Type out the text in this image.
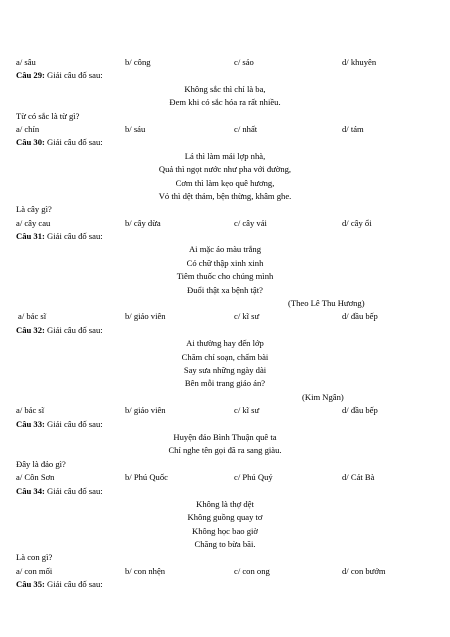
a/ sâu	b/ công	c/ sáo	d/ khuyên
Câu 29: Giải câu đố sau:
Không sắc thì chỉ là ba,
Đem khi có sắc hóa ra rất nhiều.
Từ có sắc là từ gì?
a/ chín	b/ sáu	c/ nhất	d/ tám
Câu 30: Giải câu đố sau:
Lá thì làm mái lợp nhà,
Quả thì ngọt nước như pha với đường,
Cơm thì làm kẹo quê hương,
Vỏ thì dệt thảm, bện thừng, khâm ghe.
Là cây gì?
a/ cây cau	b/ cây dừa	c/ cây vải	d/ cây ổi
Câu 31: Giải câu đố sau:
Ai mặc áo màu trắng
Có chữ thập xinh xinh
Tiêm thuốc cho chúng mình
Đuổi thật xa bệnh tật?
(Theo Lê Thu Hương)
a/ bác sĩ	b/ giáo viên	c/ kĩ sư	d/ đầu bếp
Câu 32: Giải câu đố sau:
Ai thường hay đến lớp
Chăm chỉ soạn, chấm bài
Say sưa những ngày dài
Bên mỗi trang giáo án?
(Kim Ngân)
a/ bác sĩ	b/ giáo viên	c/ kĩ sư	d/ đầu bếp
Câu 33: Giải câu đố sau:
Huyện đảo Bình Thuận quê ta
Chỉ nghe tên gọi đã ra sang giàu.
Đây là đảo gì?
a/ Côn Sơn	b/ Phú Quốc	c/ Phú Quý	d/ Cát Bà
Câu 34: Giải câu đố sau:
Không là thợ dệt
Không guồng quay tơ
Không học bao giờ
Chăng to bừa bãi.
Là con gì?
a/ con mối	b/ con nhện	c/ con ong	d/ con bướm
Câu 35: Giải câu đố sau:
